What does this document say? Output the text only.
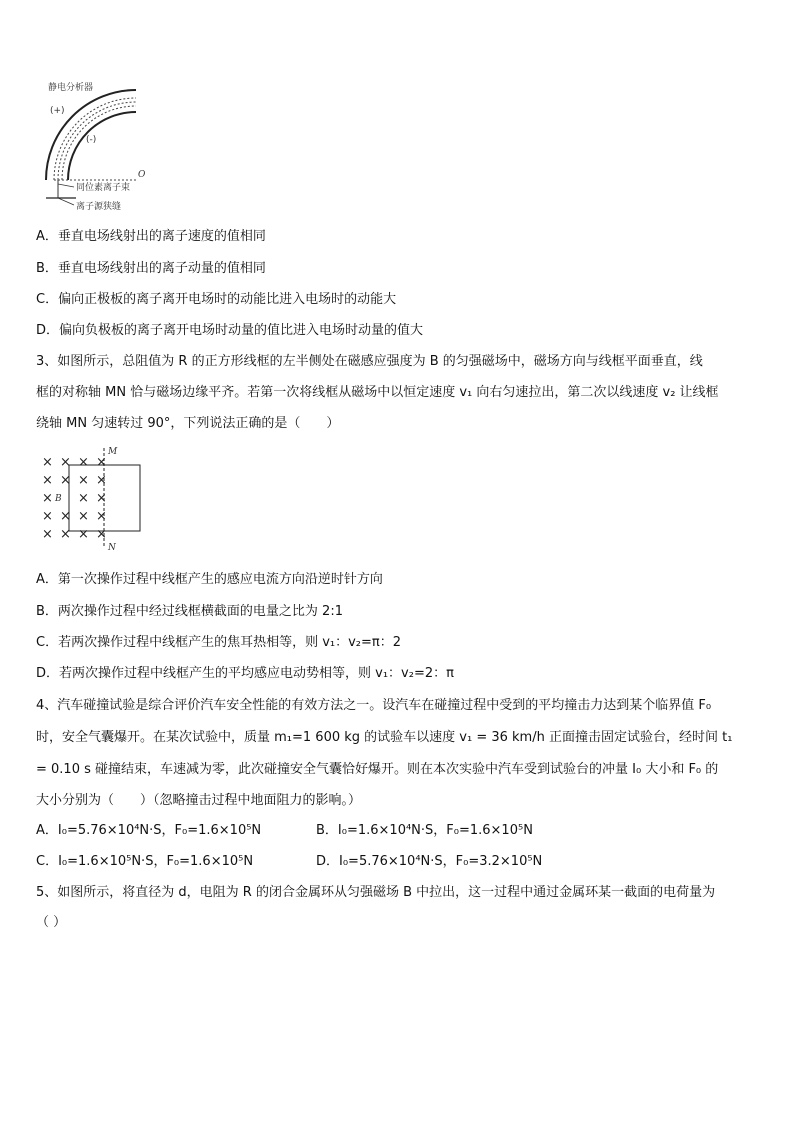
静电分析器
(+)
(-)
O
同位素离子束
离子源狭缝
A．垂直电场线射出的离子速度的值相同
B．垂直电场线射出的离子动量的值相同
C．偏向正极板的离子离开电场时的动能比进入电场时的动能大
D．偏向负极板的离子离开电场时动量的值比进入电场时动量的值大
3、如图所示，总阻值为 R 的正方形线框的左半侧处在磁感应强度为 B 的匀强磁场中，磁场方向与线框平面垂直，线
框的对称轴 MN 恰与磁场边缘平齐。若第一次将线框从磁场中以恒定速度 v₁ 向右匀速拉出，第二次以线速度 v₂ 让线框
绕轴 MN 匀速转过 90°，下列说法正确的是（　　）
× × × ×
× × × ×
× × ×
× × × ×
× × × ×
B
M
N
A．第一次操作过程中线框产生的感应电流方向沿逆时针方向
B．两次操作过程中经过线框横截面的电量之比为 2:1
C．若两次操作过程中线框产生的焦耳热相等，则 v₁：v₂=π：2
D．若两次操作过程中线框产生的平均感应电动势相等，则 v₁：v₂=2：π
4、汽车碰撞试验是综合评价汽车安全性能的有效方法之一。设汽车在碰撞过程中受到的平均撞击力达到某个临界值 F₀
时，安全气囊爆开。在某次试验中，质量 m₁=1 600 kg 的试验车以速度 v₁ = 36 km/h 正面撞击固定试验台，经时间 t₁
= 0.10 s 碰撞结束，车速减为零，此次碰撞安全气囊恰好爆开。则在本次实验中汽车受到试验台的冲量 I₀ 大小和 F₀ 的
大小分别为（　　）（忽略撞击过程中地面阻力的影响。）
A．I₀=5.76×10⁴N·S，F₀=1.6×10⁵N	B．I₀=1.6×10⁴N·S，F₀=1.6×10⁵N
C．I₀=1.6×10⁵N·S，F₀=1.6×10⁵N	D．I₀=5.76×10⁴N·S，F₀=3.2×10⁵N
5、如图所示，将直径为 d，电阻为 R 的闭合金属环从匀强磁场 B 中拉出，这一过程中通过金属环某一截面的电荷量为
（ ）
